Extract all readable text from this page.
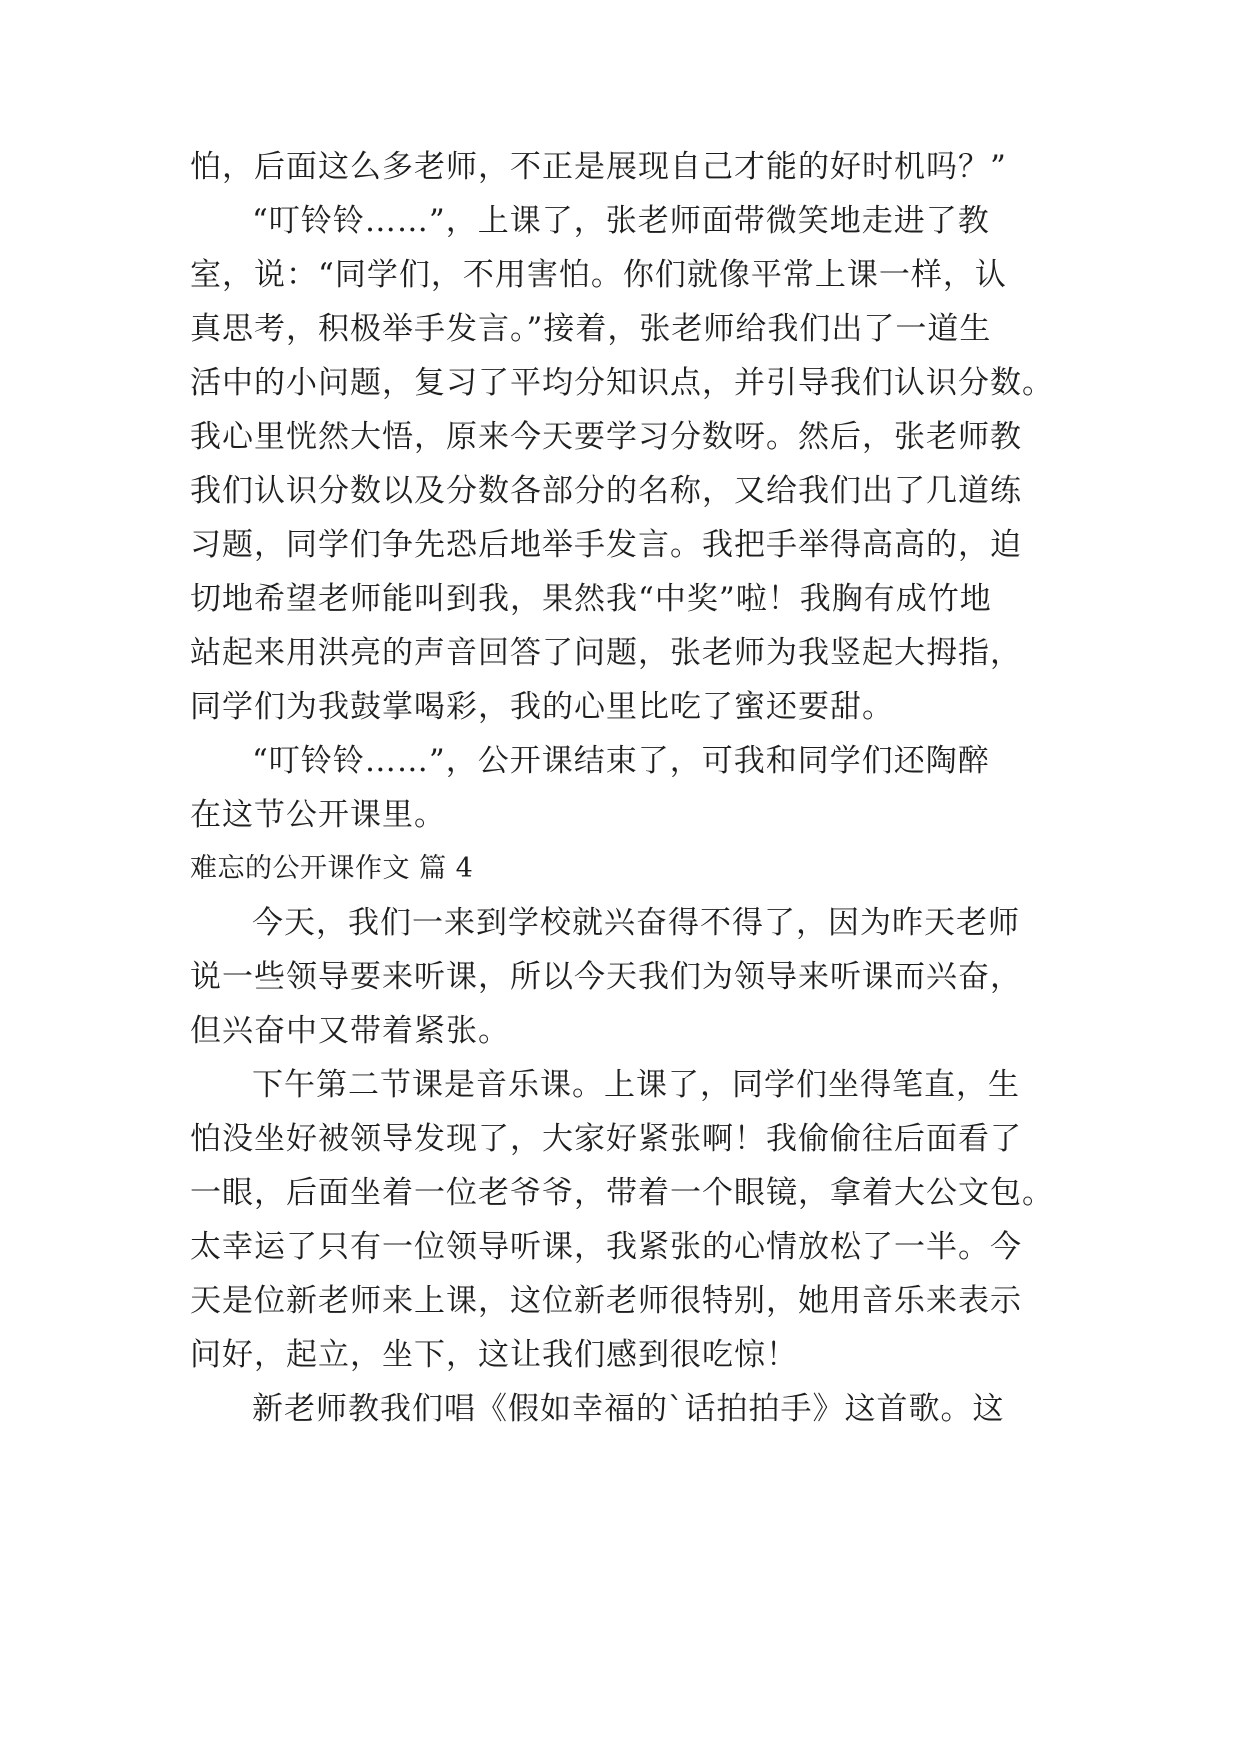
怕，后面这么多老师，不正是展现自己才能的好时机吗？”

“叮铃铃……”，上课了，张老师面带微笑地走进了教

室，说：“同学们，不用害怕。你们就像平常上课一样，认

真思考，积极举手发言。”接着，张老师给我们出了一道生

活中的小问题，复习了平均分知识点，并引导我们认识分数。

我心里恍然大悟，原来今天要学习分数呀。然后，张老师教

我们认识分数以及分数各部分的名称，又给我们出了几道练

习题，同学们争先恐后地举手发言。我把手举得高高的，迫

切地希望老师能叫到我，果然我“中奖”啦！我胸有成竹地

站起来用洪亮的声音回答了问题，张老师为我竖起大拇指，

同学们为我鼓掌喝彩，我的心里比吃了蜜还要甜。

“叮铃铃……”，公开课结束了，可我和同学们还陶醉

在这节公开课里。

难忘的公开课作文 篇 4

今天，我们一来到学校就兴奋得不得了，因为昨天老师

说一些领导要来听课，所以今天我们为领导来听课而兴奋，

但兴奋中又带着紧张。

下午第二节课是音乐课。上课了，同学们坐得笔直，生

怕没坐好被领导发现了，大家好紧张啊！我偷偷往后面看了

一眼，后面坐着一位老爷爷，带着一个眼镜，拿着大公文包。

太幸运了只有一位领导听课，我紧张的心情放松了一半。今

天是位新老师来上课，这位新老师很特别，她用音乐来表示

问好，起立，坐下，这让我们感到很吃惊！

新老师教我们唱《假如幸福的`话拍拍手》这首歌。这
